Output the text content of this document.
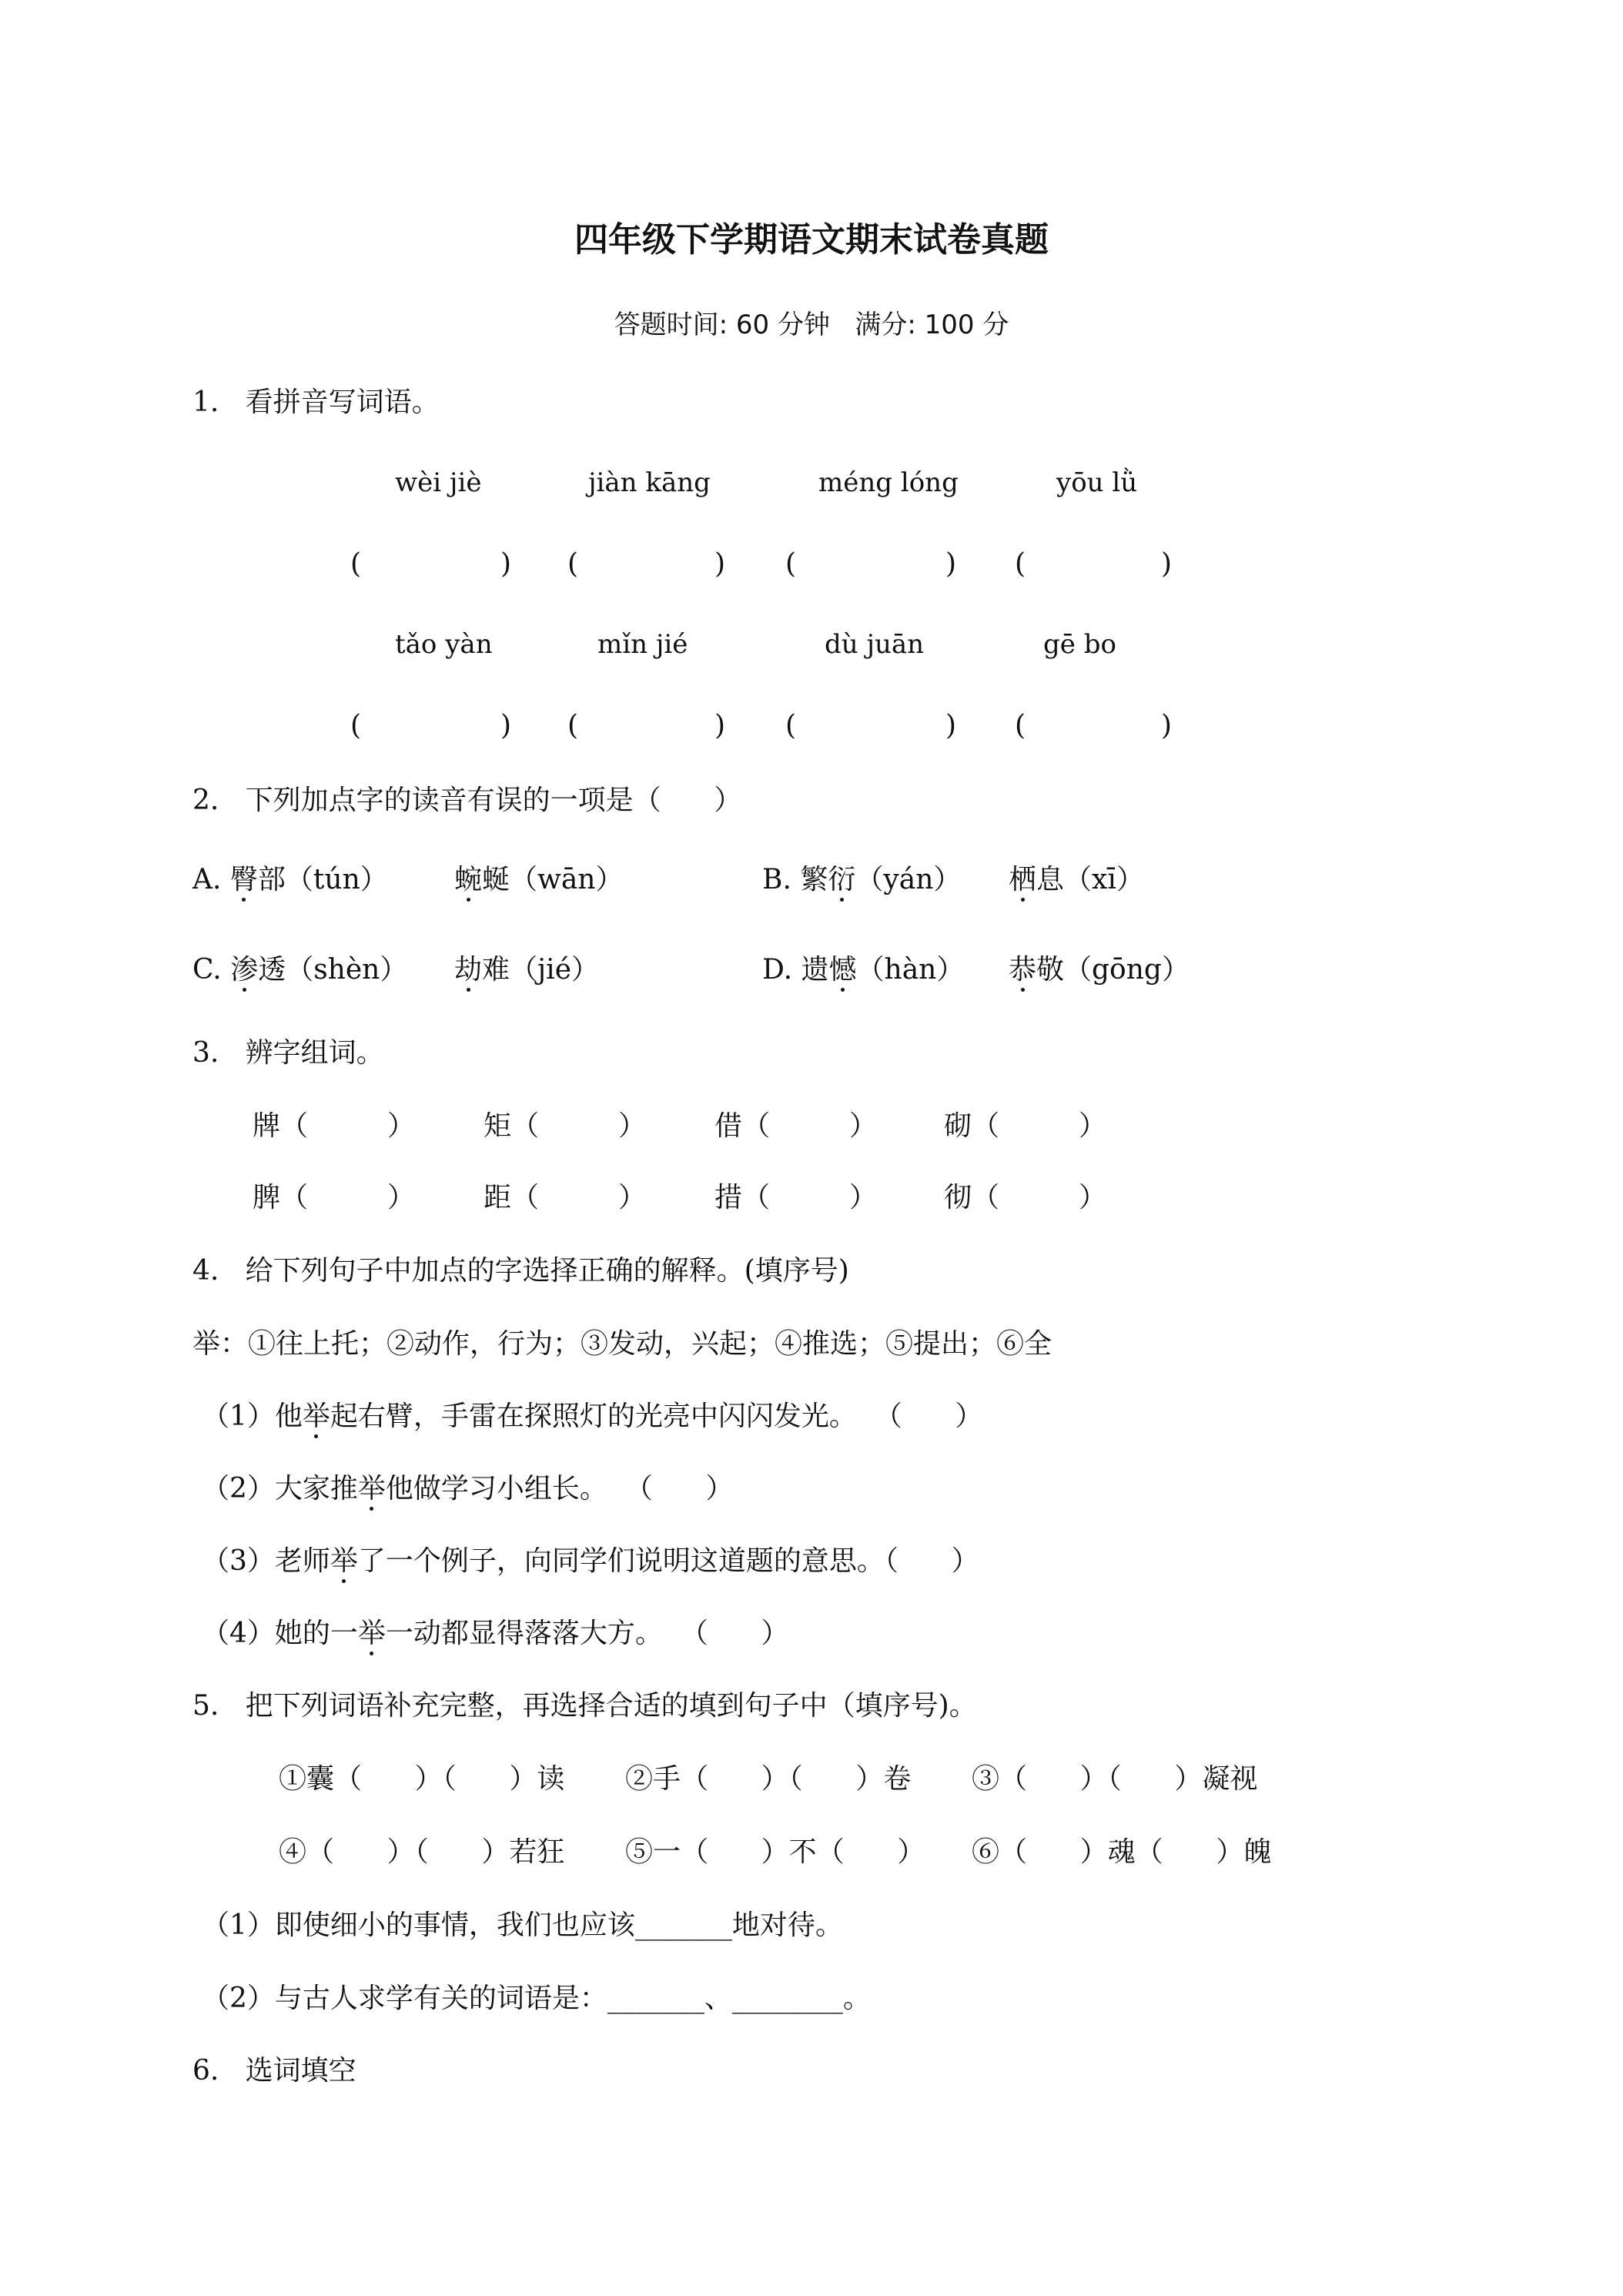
四年级下学期语文期末试卷真题
答题时间: 60 分钟   满分: 100 分
1.   看拼音写词语。
wèi jiè	jiàn kāng	méng lóng	yōu lǜ
(	) (	) (	) (	)
tǎo yàn	mǐn jié	dù juān	gē bo
(	) (	) (	) (	)
2.   下列加点字的读音有误的一项是（      ）
A. 臀部（tún） 蜿蜒（wān）	B. 繁衍（yán） 栖息（xī）
C. 渗透（shèn） 劫难（jié）	D. 遗憾（hàn） 恭敬（gōng）
3.   辨字组词。
牌（         ） 矩（         ） 借（         ） 砌（         ）
脾（         ） 距（         ） 措（         ） 彻（         ）
4.   给下列句子中加点的字选择正确的解释。(填序号)
举：①往上托；②动作，行为；③发动，兴起；④推选；⑤提出；⑥全
（1）他举起右臂，手雷在探照灯的光亮中闪闪发光。  （      ）
（2）大家推举他做学习小组长。  （      ）
（3）老师举了一个例子，向同学们说明这道题的意思。（      ）
（4）她的一举一动都显得落落大方。  （      ）
5.   把下列词语补充完整，再选择合适的填到句子中（填序号)。
①囊（      ）（      ）读 ②手（      ）（      ）卷 ③（      ）（      ）凝视
④（      ）（      ）若狂 ⑤一（      ）不（      ） ⑥（      ）魂（      ）魄
（1）即使细小的事情，我们也应该_______地对待。
（2）与古人求学有关的词语是：_______、________。
6.   选词填空
